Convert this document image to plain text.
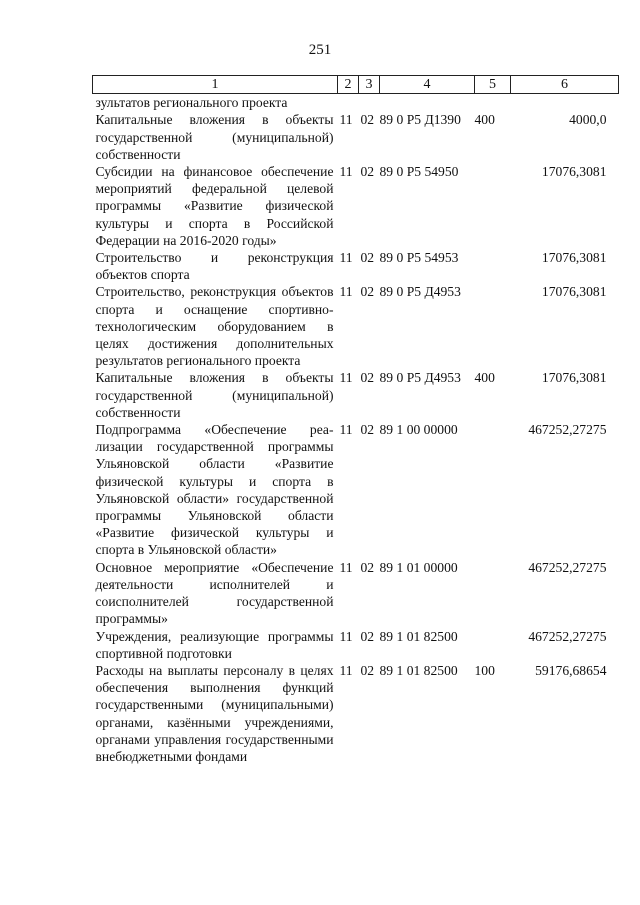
251
1	2	3	4	5	6
зультатов регионального проекта					
Капитальные вложения в объекты государственной (муниципальной) собственности	11	02	89 0 Р5 Д1390	400	4000,0
Субсидии на финансовое обеспечение мероприятий федеральной целевой программы «Развитие физической культуры и спорта в Российской Федерации на 2016-2020 годы»	11	02	89 0 Р5 54950		17076,3081
Строительство и реконструкция объектов спорта	11	02	89 0 Р5 54953		17076,3081
Строительство, реконструкция объектов спорта и оснащение спортивно-технологическим оборудованием в целях достижения дополнительных результатов регионального проекта	11	02	89 0 Р5 Д4953		17076,3081
Капитальные вложения в объекты государственной (муниципальной) собственности	11	02	89 0 Р5 Д4953	400	17076,3081
Подпрограмма «Обеспечение реализации государственной программы Ульяновской области «Развитие физической культуры и спорта в Ульяновской области» государственной программы Ульяновской области «Развитие физической культуры и спорта в Ульяновской области»	11	02	89 1 00 00000		467252,27275
Основное мероприятие «Обеспечение деятельности исполнителей и соисполнителей государственной программы»	11	02	89 1 01 00000		467252,27275
Учреждения, реализующие программы спортивной подготовки	11	02	89 1 01 82500		467252,27275
Расходы на выплаты персоналу в целях обеспечения выполнения функций государственными (муниципальными) органами, казёнными учреждениями, органами управления государственными внебюджетными фондами	11	02	89 1 01 82500	100	59176,68654
